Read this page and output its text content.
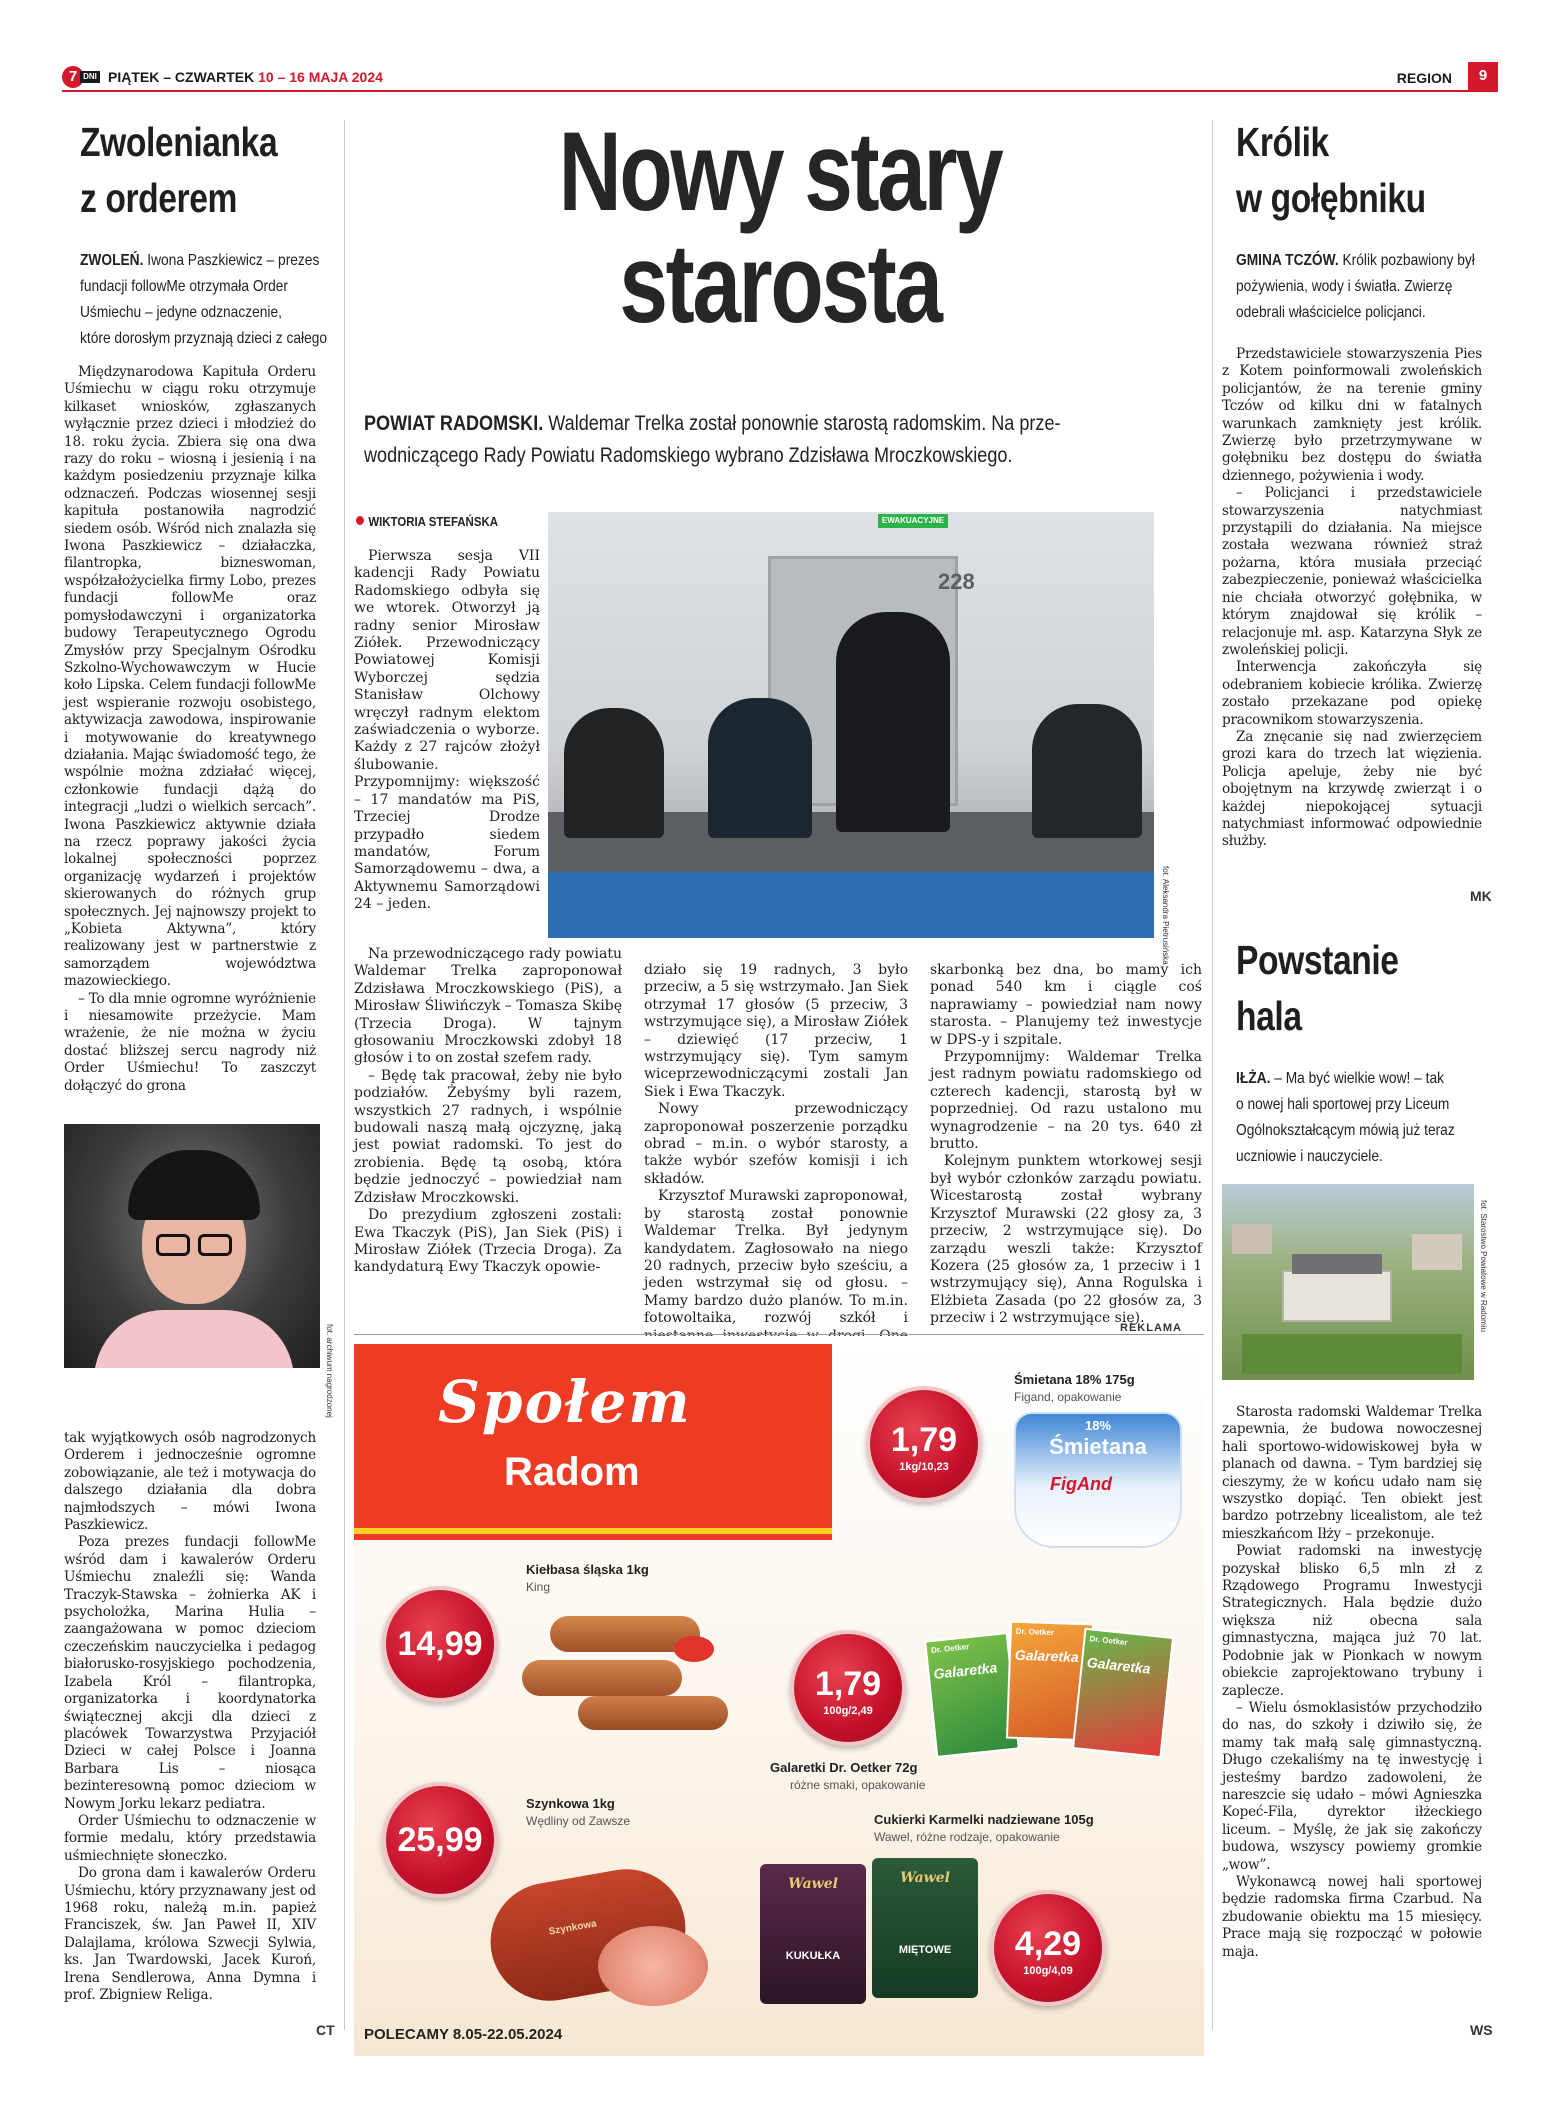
7 DNI PIĄTEK – CZWARTEK 10 – 16 MAJA 2024	REGION	9
Zwolenianka
z orderem
ZWOLEŃ. Iwona Paszkiewicz – prezes
fundacji followMe otrzymała Order
Uśmiechu – jedyne odznaczenie,
które dorosłym przyznają dzieci z całego

Międzynarodowa Kapituła Orderu Uśmiechu w ciągu roku otrzymuje kilkaset wniosków, zgłaszanych wyłącznie przez dzieci i młodzież do 18. roku życia. Zbiera się ona dwa razy do roku – wiosną i jesienią i na każdym posiedzeniu przyznaje kilka odznaczeń. Podczas wiosennej sesji kapituła postanowiła nagrodzić siedem osób. Wśród nich znalazła się Iwona Paszkiewicz – działaczka, filantropka, bizneswoman, współzałożycielka firmy Lobo, prezes fundacji followMe oraz pomysłodawczyni i organizatorka budowy Terapeutycznego Ogrodu Zmysłów przy Specjalnym Ośrodku Szkolno-Wychowawczym w Hucie koło Lipska. Celem fundacji followMe jest wspieranie rozwoju osobistego, aktywizacja zawodowa, inspirowanie i motywowanie do kreatywnego działania. Mając świadomość tego, że wspólnie można zdziałać więcej, członkowie fundacji dążą do integracji „ludzi o wielkich sercach”. Iwona Paszkiewicz aktywnie działa na rzecz poprawy jakości życia lokalnej społeczności poprzez organizację wydarzeń i projektów skierowanych do różnych grup społecznych. Jej najnowszy projekt to „Kobieta Aktywna”, który realizowany jest w partnerstwie z samorządem województwa mazowieckiego.

– To dla mnie ogromne wyróżnienie i niesamowite przeżycie. Mam wrażenie, że nie można w życiu dostać bliższej sercu nagrody niż Order Uśmiechu! To zaszczyt dołączyć do grona

fot. archiwum nagrodzonej

tak wyjątkowych osób nagrodzonych Orderem i jednocześnie ogromne zobowiązanie, ale też i motywacja do dalszego działania dla dobra najmłodszych – mówi Iwona Paszkiewicz.

Poza prezes fundacji followMe wśród dam i kawalerów Orderu Uśmiechu znaleźli się: Wanda Traczyk-Stawska – żołnierka AK i psycholożka, Marina Hulia – zaangażowana w pomoc dzieciom czeczeńskim nauczycielka i pedagog białorusko-rosyjskiego pochodzenia, Izabela Król – filantropka, organizatorka i koordynatorka świątecznej akcji dla dzieci z placówek Towarzystwa Przyjaciół Dzieci w całej Polsce i Joanna Barbara Lis – niosąca bezinteresowną pomoc dzieciom w Nowym Jorku lekarz pediatra.

Order Uśmiechu to odznaczenie w formie medalu, który przedstawia uśmiechnięte słoneczko.

Do grona dam i kawalerów Orderu Uśmiechu, który przyznawany jest od 1968 roku, należą m.in. papież Franciszek, św. Jan Paweł II, XIV Dalajlama, królowa Szwecji Sylwia, ks. Jan Twardowski, Jacek Kuroń, Irena Sendlerowa, Anna Dymna i prof. Zbigniew Religa.

CT
Nowy stary
starosta
POWIAT RADOMSKI. Waldemar Trelka został ponownie starostą radomskim. Na prze-
wodniczącego Rady Powiatu Radomskiego wybrano Zdzisława Mroczkowskiego.
WIKTORIA STEFAŃSKA
228
EWAKUACYJNE
fot. Aleksandra Pietrusińska

Pierwsza sesja VII kadencji Rady Powiatu Radomskiego odbyła się we wtorek. Otworzył ją radny senior Mirosław Ziółek. Przewodniczący Powiatowej Komisji Wyborczej sędzia Stanisław Olchowy wręczył radnym elektom zaświadczenia o wyborze. Każdy z 27 rajców złożył ślubowanie. Przypomnijmy: większość – 17 mandatów ma PiS, Trzeciej Drodze przypadło siedem mandatów, Forum Samorządowemu – dwa, a Aktywnemu Samorządowi 24 – jeden.

Na przewodniczącego rady powiatu Waldemar Trelka zaproponował Zdzisława Mroczkowskiego (PiS), a Mirosław Śliwińczyk – Tomasza Skibę (Trzecia Droga). W tajnym głosowaniu Mroczkowski zdobył 18 głosów i to on został szefem rady.

– Będę tak pracował, żeby nie było podziałów. Żebyśmy byli razem, wszystkich 27 radnych, i wspólnie budowali naszą małą ojczyznę, jaką jest powiat radomski. To jest do zrobienia. Będę tą osobą, która będzie jednoczyć – powiedział nam Zdzisław Mroczkowski.

Do prezydium zgłoszeni zostali: Ewa Tkaczyk (PiS), Jan Siek (PiS) i Mirosław Ziółek (Trzecia Droga). Za kandydaturą Ewy Tkaczyk opowie-

działo się 19 radnych, 3 było przeciw, a 5 się wstrzymało. Jan Siek otrzymał 17 głosów (5 przeciw, 3 wstrzymujące się), a Mirosław Ziółek – dziewięć (17 przeciw, 1 wstrzymujący się). Tym samym wiceprzewodniczącymi zostali Jan Siek i Ewa Tkaczyk.

Nowy przewodniczący zaproponował poszerzenie porządku obrad – m.in. o wybór starosty, a także wybór szefów komisji i ich składów.

Krzysztof Murawski zaproponował, by starostą został ponownie Waldemar Trelka. Był jedynym kandydatem. Zagłosowało na niego 20 radnych, przeciw było sześciu, a jeden wstrzymał się od głosu. – Mamy bardzo dużo planów. To m.in. fotowoltaika, rozwój szkół i

skarbonką bez dna, bo mamy ich ponad 540 km i ciągle coś naprawiamy – powiedział nam nowy starosta. – Planujemy też inwestycje w DPS-y i szpitale.

Przypomnijmy: Waldemar Trelka jest radnym powiatu radomskiego od czterech kadencji, starostą był w poprzedniej. Od razu ustalono mu wynagrodzenie – na 20 tys. 640 zł brutto.

Kolejnym punktem wtorkowej sesji był wybór członków zarządu powiatu. Wicestarostą został wybrany Krzysztof Murawski (22 głosy za, 3 przeciw, 2 wstrzymujące się). Do zarządu weszli także: Krzysztof Kozera (25 głosów za, 1 przeciw i 1 wstrzymujący się), Anna Rogulska i Elżbieta Zasada (po 22 głosów za, 3 przeciw i 2 wstrzymujące się).

REKLAMA
Społem
Radom
1,79
1kg/10,23
Śmietana 18% 175g
Figand, opakowanie
18%
Śmietana
FigAnd
14,99
Kiełbasa śląska 1kg
King
1,79
100g/2,49
Dr. Oetker
Galaretka
Dr. Oetker
Galaretka
Dr. Oetker
Galaretka
Galaretki Dr. Oetker 72g
różne smaki, opakowanie
25,99
Szynkowa 1kg
Wędliny od Zawsze
Szynkowa
Cukierki Karmelki nadziewane 105g
Wawel, różne rodzaje, opakowanie
Wawel
KUKUŁKA
Wawel
MIĘTOWE	4,29
100g/4,09
POLECAMY 8.05-22.05.2024
Królik
w gołębniku
GMINA TCZÓW. Królik pozbawiony był
pożywienia, wody i światła. Zwierzę
odebrali właścicielce policjanci.

Przedstawiciele stowarzyszenia Pies z Kotem poinformowali zwoleńskich policjantów, że na terenie gminy Tczów od kilku dni w fatalnych warunkach zamknięty jest królik. Zwierzę było przetrzymywane w gołębniku bez dostępu do światła dziennego, pożywienia i wody.

– Policjanci i przedstawiciele stowarzyszenia natychmiast przystąpili do działania. Na miejsce została wezwana również straż pożarna, która musiała przeciąć zabezpieczenie, ponieważ właścicielka nie chciała otworzyć gołębnika, w którym znajdował się królik – relacjonuje mł. asp. Katarzyna Słyk ze zwoleńskiej policji.

Interwencja zakończyła się odebraniem kobiecie królika. Zwierzę zostało przekazane pod opiekę pracownikom stowarzyszenia.

Za znęcanie się nad zwierzęciem grozi kara do trzech lat więzienia. Policja apeluje, żeby nie być obojętnym na krzywdę zwierząt i o każdej niepokojącej sytuacji natychmiast informować odpowiednie służby.

MK
Powstanie
hala
IŁŻA. – Ma być wielkie wow! – tak
o nowej hali sportowej przy Liceum
Ogólnokształcącym mówią już teraz
uczniowie i nauczyciele.
fot. Starostwo Powiatowe w Radomiu

Starosta radomski Waldemar Trelka zapewnia, że budowa nowoczesnej hali sportowo-widowiskowej była w planach od dawna. – Tym bardziej się cieszymy, że w końcu udało nam się wszystko dopiąć. Ten obiekt jest bardzo potrzebny licealistom, ale też mieszkańcom Iłży – przekonuje.

Powiat radomski na inwestycję pozyskał blisko 6,5 mln zł z Rządowego Programu Inwestycji Strategicznych. Hala będzie dużo większa niż obecna sala gimnastyczna, mająca już 70 lat. Podobnie jak w Pionkach w nowym obiekcie zaprojektowano trybuny i zaplecze.

– Wielu ósmoklasistów przychodziło do nas, do szkoły i dziwiło się, że mamy tak małą salę gimnastyczną. Długo czekaliśmy na tę inwestycję i jesteśmy bardzo zadowoleni, że nareszcie się udało – mówi Agnieszka Kopeć-Fila, dyrektor iłżeckiego liceum. – Myślę, że jak się zakończy budowa, wszyscy powiemy gromkie „wow”.

Wykonawcą nowej hali sportowej będzie radomska firma Czarbud. Na zbudowanie obiektu ma 15 miesięcy. Prace mają się rozpocząć w połowie maja.

WS
